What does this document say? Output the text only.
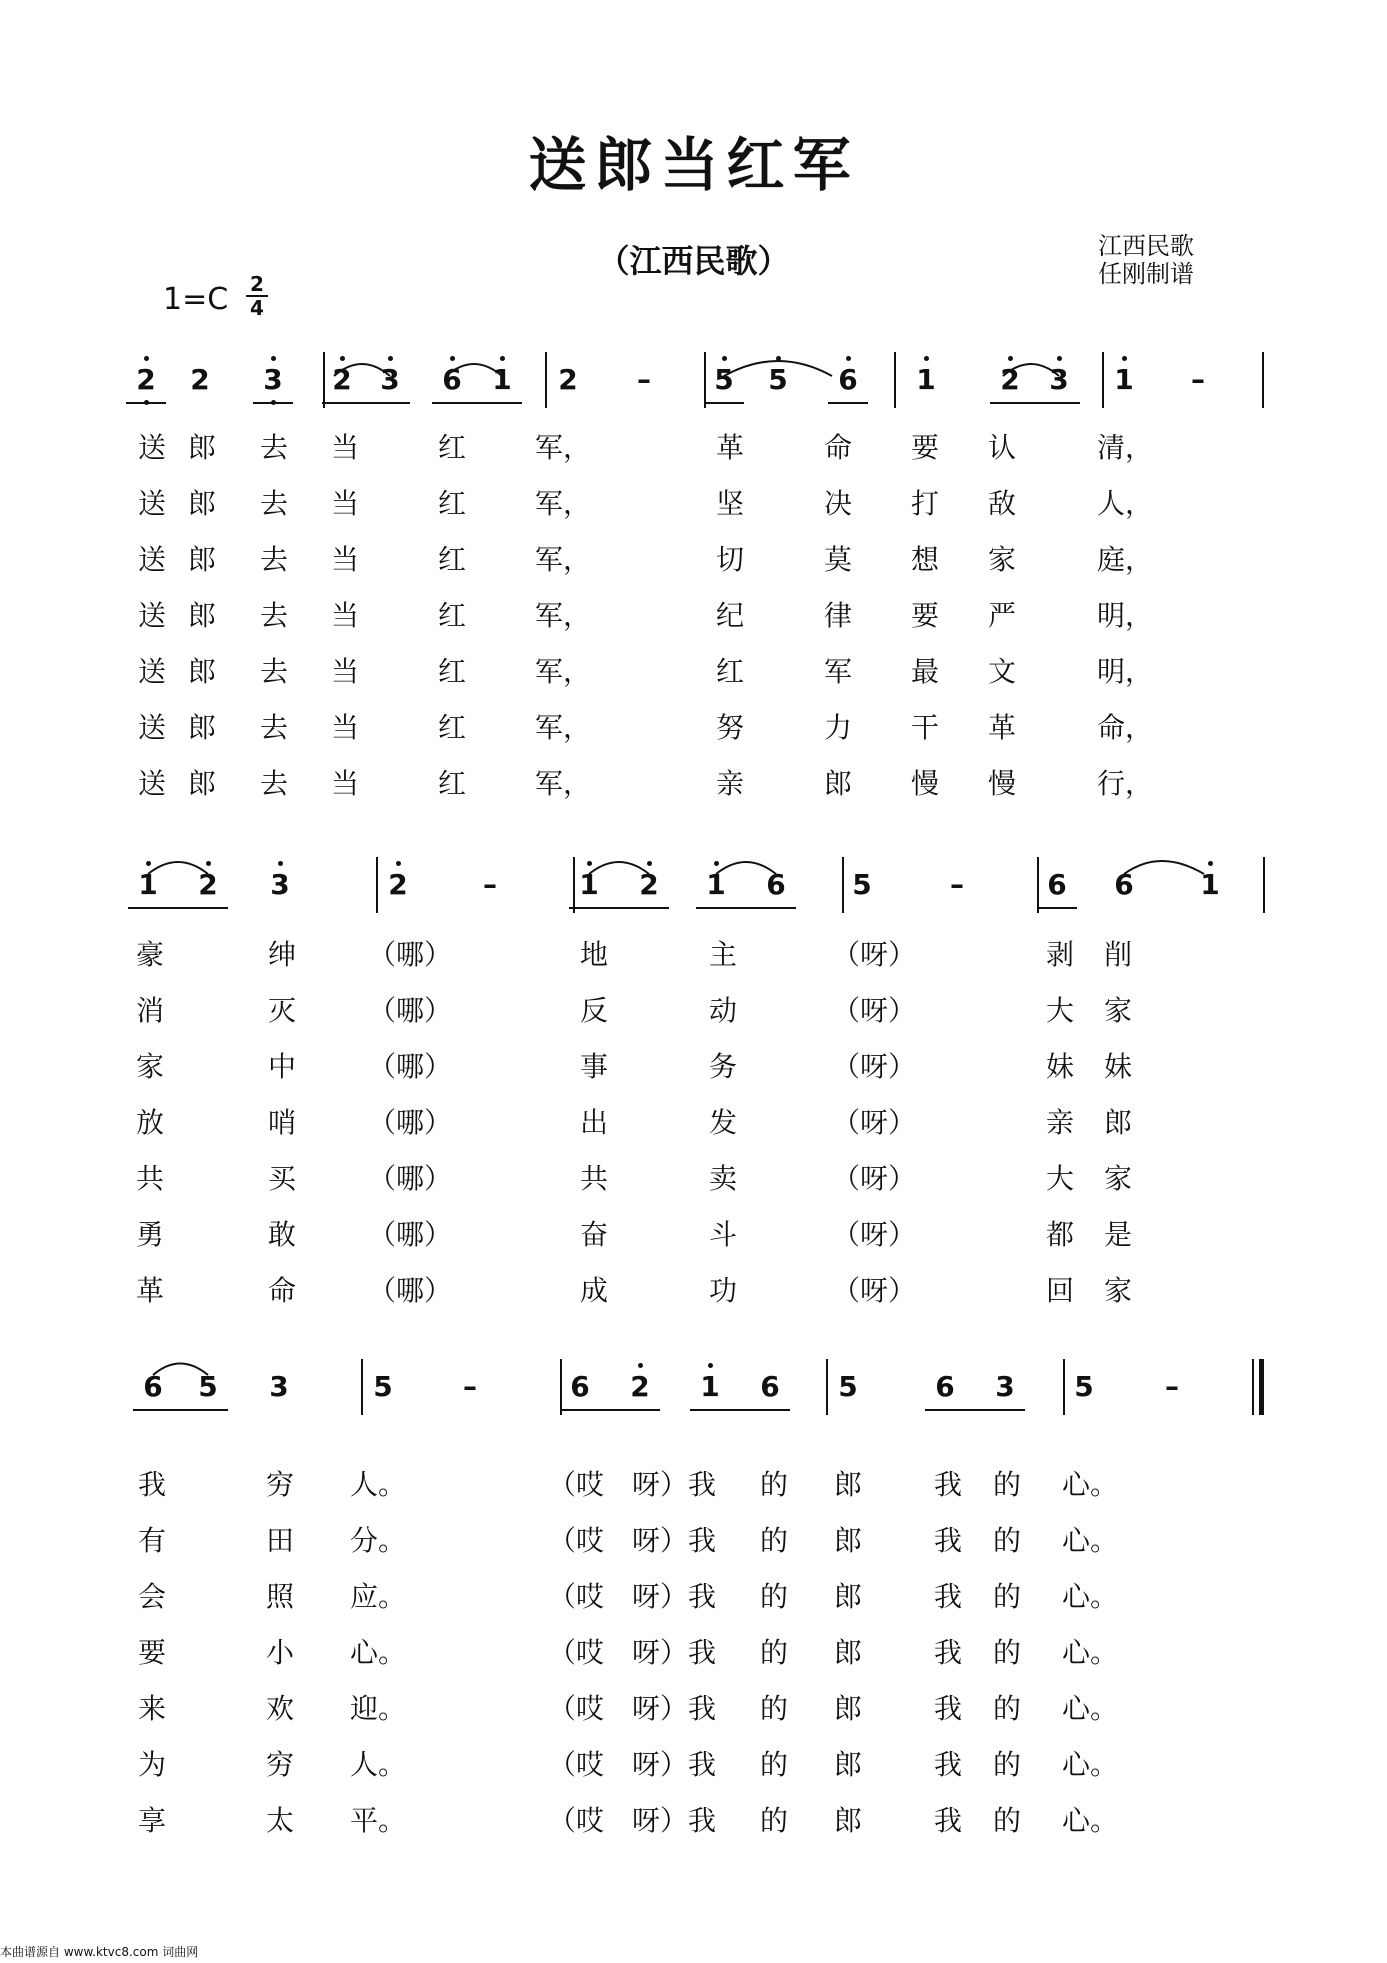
送郎当红军
（江西民歌）	江西民歌
任刚制谱
1=C 2
4
2	2	3	2	3	6	1	2	–	5	5	6	1	2	3	1	–
送 郎	去	当	红	军，	革	命	要	认	清，
送 郎	去	当	红	军，	坚	决	打	敌	人，
送 郎	去	当	红	军，	切	莫	想	家	庭，
送 郎	去	当	红	军，	纪	律	要	严	明，
送 郎	去	当	红	军，	红	军	最	文	明，
送 郎	去	当	红	军，	努	力	干	革	命，
送 郎	去	当	红	军，	亲	郎	慢	慢	行，
1	2	3	2	–	1	2	1	6	5	–	6	6	1
豪	绅	（哪）	地	主	（呀）	剥	削
消	灭	（哪）	反	动	（呀）	大	家
家	中	（哪）	事	务	（呀）	妹	妹
放	哨	（哪）	出	发	（呀）	亲	郎
共	买	（哪）	共	卖	（呀）	大	家
勇	敢	（哪）	奋	斗	（呀）	都	是
革	命	（哪）	成	功	（呀）	回	家
6	5	3	5	–	6	2	1	6	5	6	3	5	–
我	穷	人。	（哎　呀）我	的	郎	我	的	心。
有	田	分。	（哎　呀）我	的	郎	我	的	心。
会	照	应。	（哎　呀）我	的	郎	我	的	心。
要	小	心。	（哎　呀）我	的	郎	我	的	心。
来	欢	迎。	（哎　呀）我	的	郎	我	的	心。
为	穷	人。	（哎　呀）我	的	郎	我	的	心。
享	太	平。	（哎　呀）我	的	郎	我	的	心。
本曲谱源自 www.ktvc8.com 词曲网
